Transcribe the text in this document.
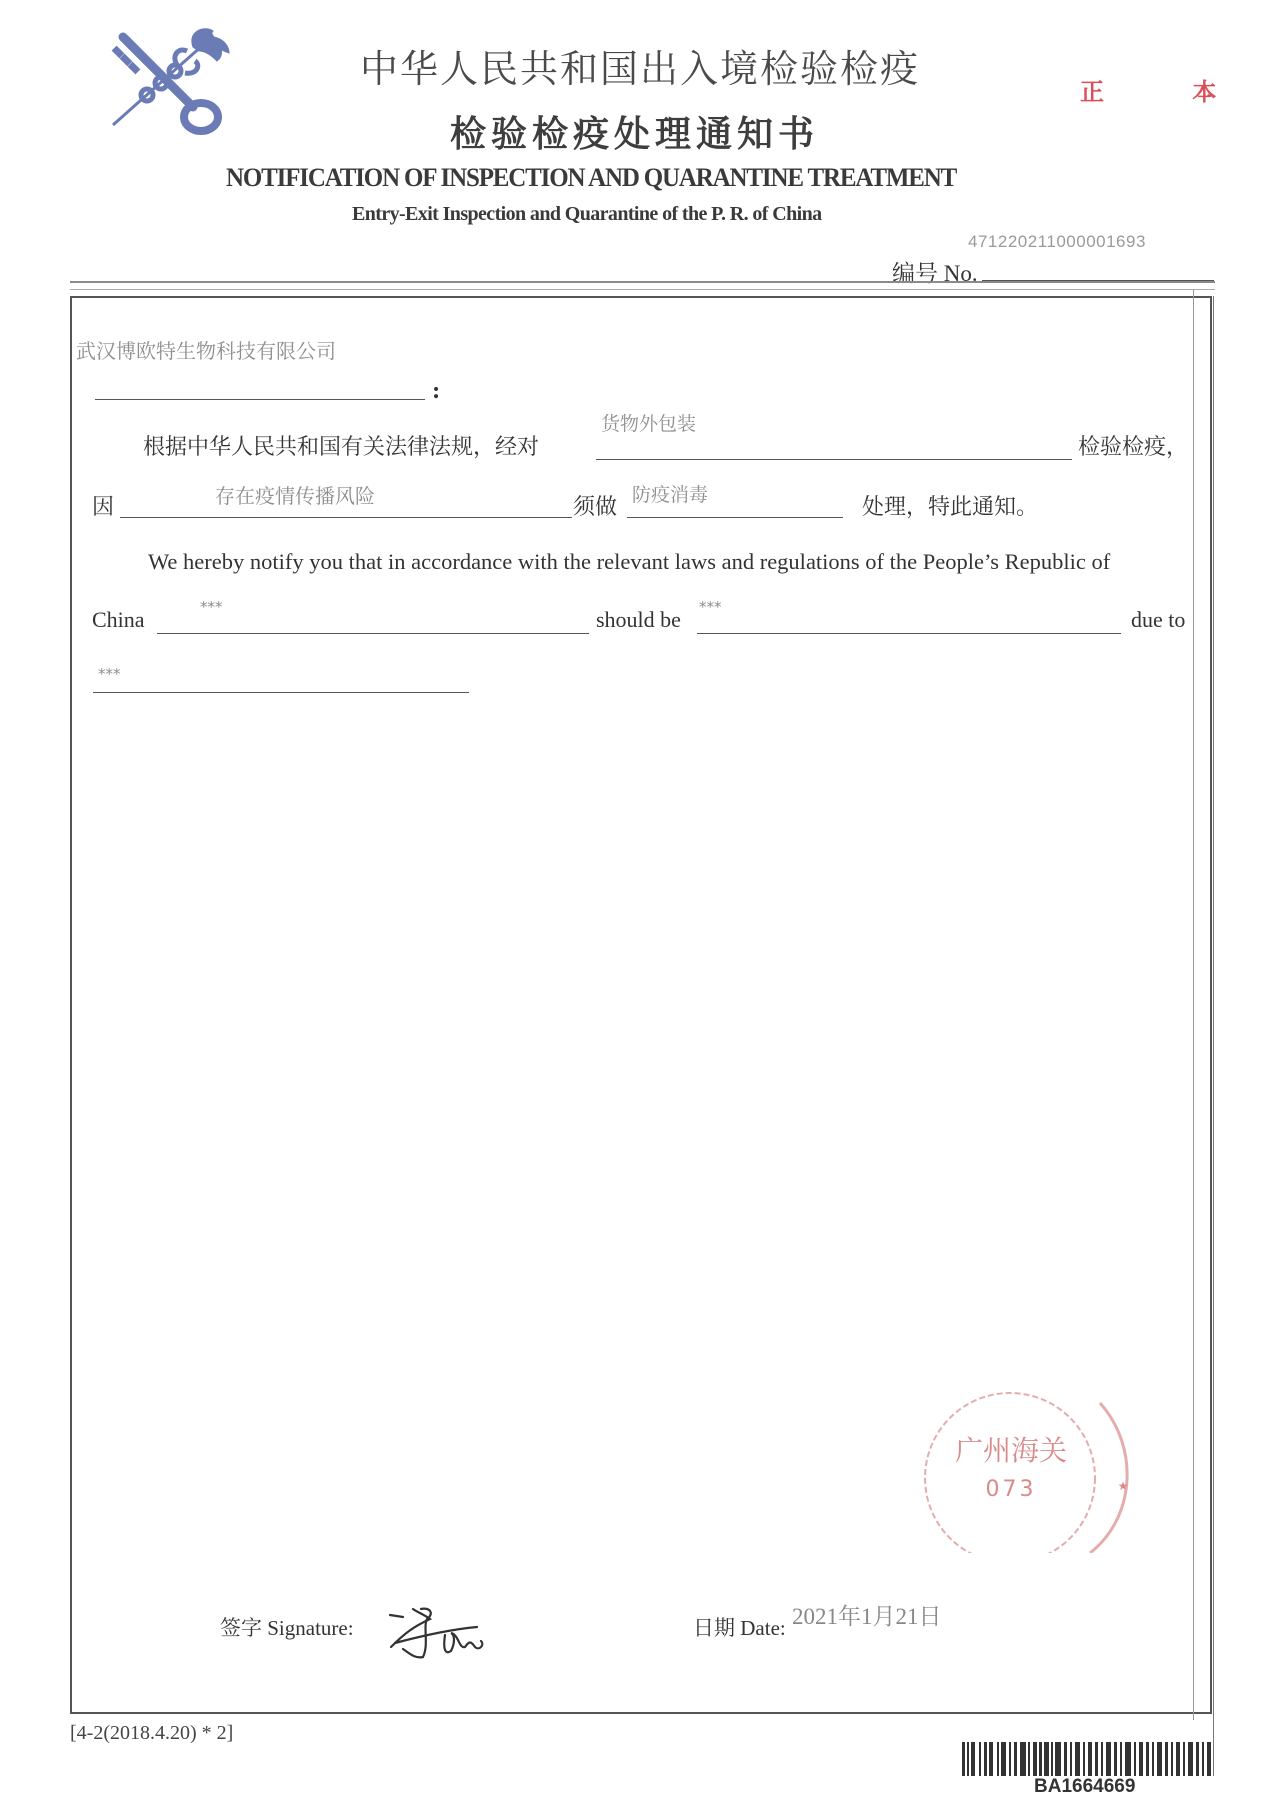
中华人民共和国出入境检验检疫
检验检疫处理通知书
正 本
NOTIFICATION OF INSPECTION AND QUARANTINE TREATMENT
Entry-Exit Inspection and Quarantine of the P. R. of China
471220211000001693
编号 No.
武汉博欧特生物科技有限公司
:
根据中华人民共和国有关法律法规，经对
货物外包装
检验检疫，
因	存在疫情传播风险	须做 防疫消毒	处理，特此通知。
We hereby notify you that in accordance with the relevant laws and regulations of the People’s Republic of
China	***	should be ***	due to
***
广州海关
073	★
签字 Signature:	日期 Date: 2021年1月21日
[4-2(2018.4.20) * 2]
BA1664669
